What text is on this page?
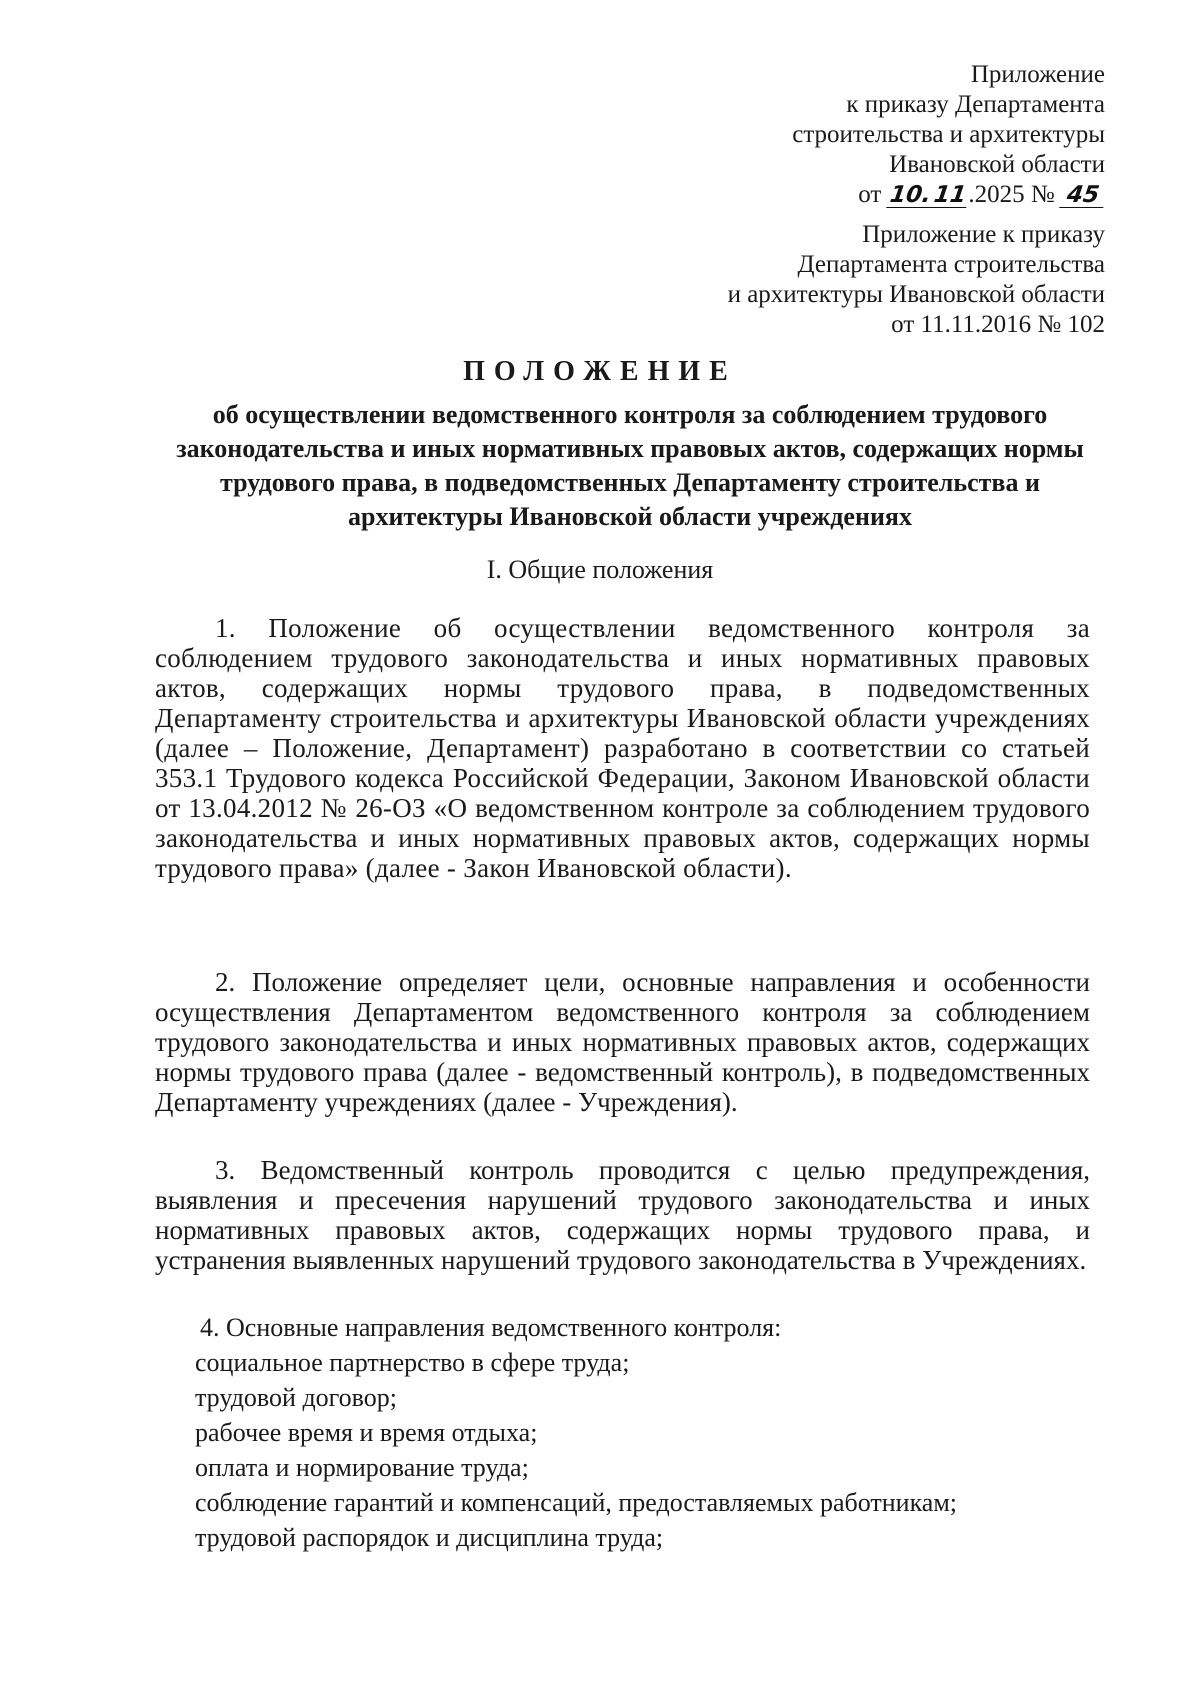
Приложение
к приказу Департамента
строительства и архитектуры
Ивановской области
от 10.11.2025 № 45
Приложение к приказу
Департамента строительства
и архитектуры Ивановской области
от 11.11.2016 № 102
ПОЛОЖЕНИЕ
об осуществлении ведомственного контроля за соблюдением трудового законодательства и иных нормативных правовых актов, содержащих нормы трудового права, в подведомственных Департаменту строительства и архитектуры Ивановской области учреждениях
I. Общие положения

1. Положение об осуществлении ведомственного контроля за соблюдением трудового законодательства и иных нормативных правовых актов, содержащих нормы трудового права, в подведомственных Департаменту строительства и архитектуры Ивановской области учреждениях (далее – Положение, Департамент) разработано в соответствии со статьей 353.1 Трудового кодекса Российской Федерации, Законом Ивановской области от 13.04.2012 № 26-ОЗ «О ведомственном контроле за соблюдением трудового законодательства и иных нормативных правовых актов, содержащих нормы трудового права» (далее - Закон Ивановской области).

2. Положение определяет цели, основные направления и особенности осуществления Департаментом ведомственного контроля за соблюдением трудового законодательства и иных нормативных правовых актов, содержащих нормы трудового права (далее - ведомственный контроль), в подведомственных Департаменту учреждениях (далее - Учреждения).

3. Ведомственный контроль проводится с целью предупреждения, выявления и пресечения нарушений трудового законодательства и иных нормативных правовых актов, содержащих нормы трудового права, и устранения выявленных нарушений трудового законодательства в Учреждениях.

4. Основные направления ведомственного контроля:
социальное партнерство в сфере труда;
трудовой договор;
рабочее время и время отдыха;
оплата и нормирование труда;
соблюдение гарантий и компенсаций, предоставляемых работникам;
трудовой распорядок и дисциплина труда;
